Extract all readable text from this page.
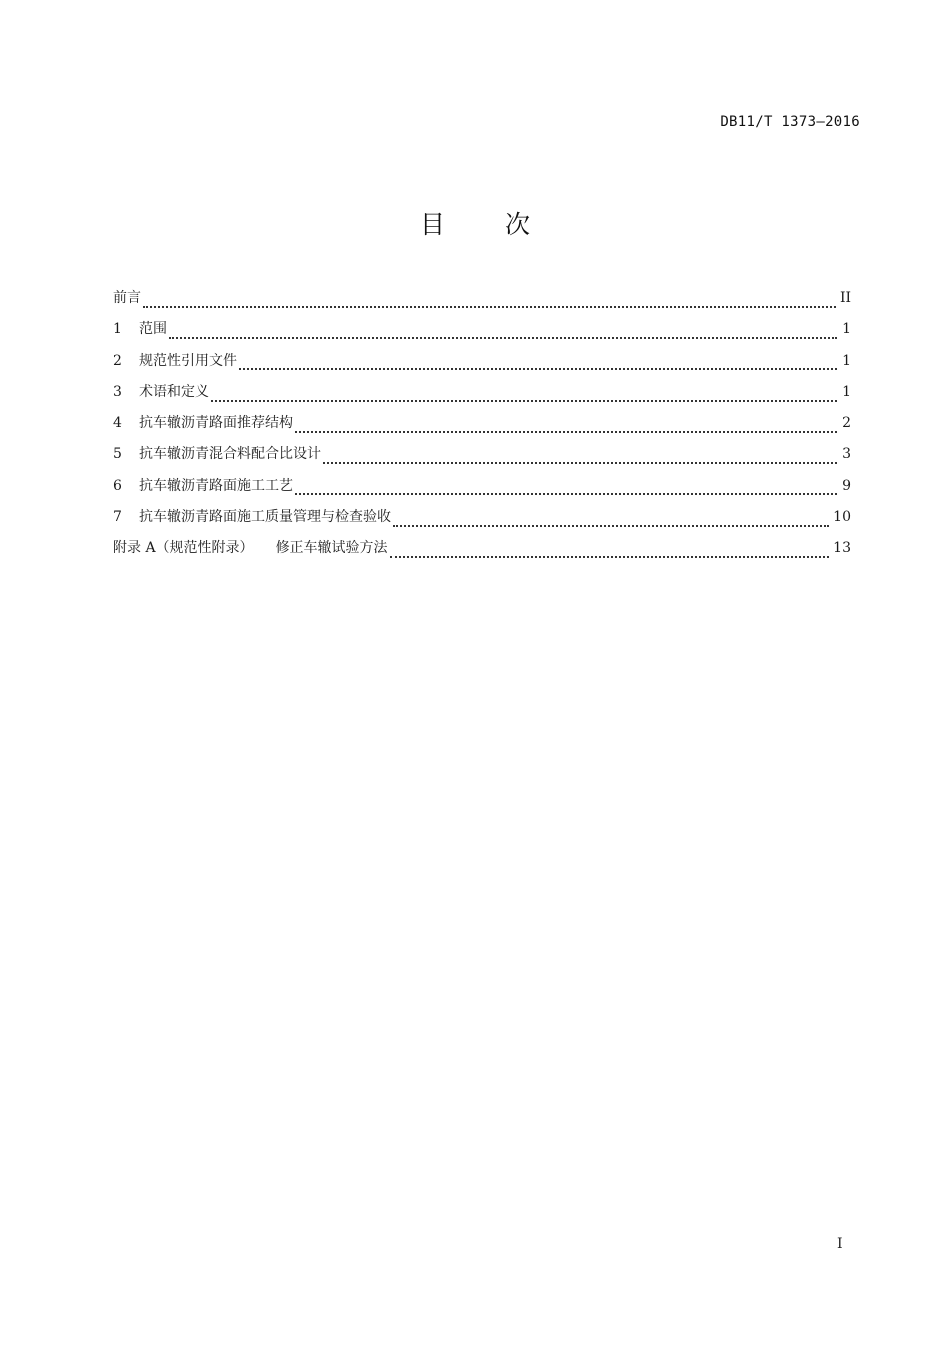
DB11/T 1373—2016
目 次
前言	II
1	范围	1
2	规范性引用文件	1
3	术语和定义	1
4	抗车辙沥青路面推荐结构	2
5	抗车辙沥青混合料配合比设计	3
6	抗车辙沥青路面施工工艺	9
7	抗车辙沥青路面施工质量管理与检查验收	10
附录 A（规范性附录） 修正车辙试验方法	13
I
